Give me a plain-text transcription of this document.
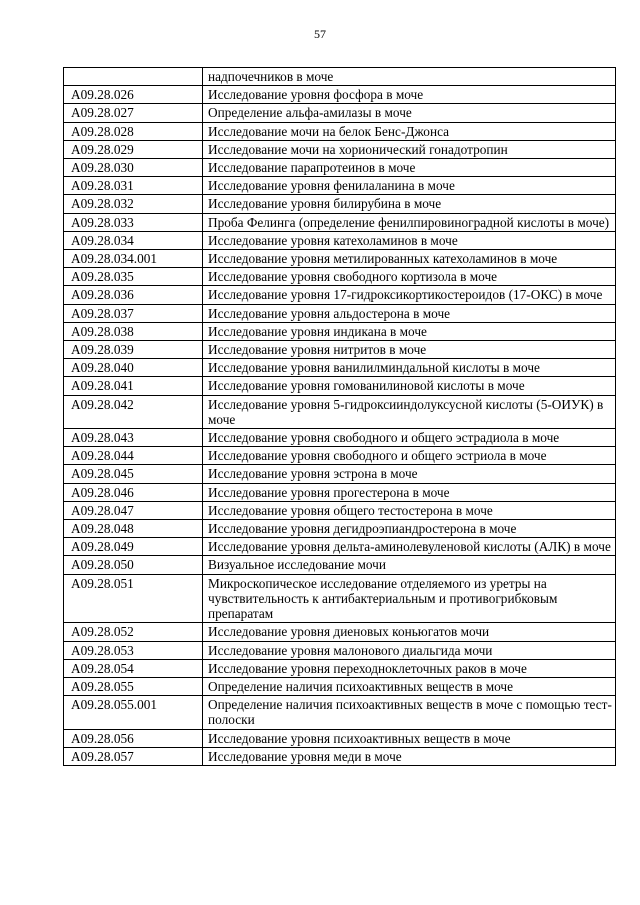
57
	надпочечников в моче
A09.28.026	Исследование уровня фосфора в моче
A09.28.027	Определение альфа-амилазы в моче
A09.28.028	Исследование мочи на белок Бенс-Джонса
A09.28.029	Исследование мочи на хорионический гонадотропин
A09.28.030	Исследование парапротеинов в моче
A09.28.031	Исследование уровня фенилаланина в моче
A09.28.032	Исследование уровня билирубина в моче
A09.28.033	Проба Фелинга (определение фенилпировиноградной кислоты в моче)
A09.28.034	Исследование уровня катехоламинов в моче
A09.28.034.001	Исследование уровня метилированных катехоламинов в моче
A09.28.035	Исследование уровня свободного кортизола в моче
A09.28.036	Исследование уровня 17-гидроксикортикостероидов (17-ОКС) в моче
A09.28.037	Исследование уровня альдостерона в моче
A09.28.038	Исследование уровня индикана в моче
A09.28.039	Исследование уровня нитритов в моче
A09.28.040	Исследование уровня ванилилминдальной кислоты в моче
A09.28.041	Исследование уровня гомованилиновой кислоты в моче
A09.28.042	Исследование уровня 5-гидроксииндолуксусной кислоты (5-ОИУК) в моче
A09.28.043	Исследование уровня свободного и общего эстрадиола в моче
A09.28.044	Исследование уровня свободного и общего эстриола в моче
A09.28.045	Исследование уровня эстрона в моче
A09.28.046	Исследование уровня прогестерона в моче
A09.28.047	Исследование уровня общего тестостерона в моче
A09.28.048	Исследование уровня дегидроэпиандростерона в моче
A09.28.049	Исследование уровня дельта-аминолевуленовой кислоты (АЛК) в моче
A09.28.050	Визуальное исследование мочи
A09.28.051	Микроскопическое исследование отделяемого из уретры на чувствительность к антибактериальным и противогрибковым препаратам
A09.28.052	Исследование уровня диеновых коньюгатов мочи
A09.28.053	Исследование уровня малонового диальгида мочи
A09.28.054	Исследование уровня переходноклеточных раков в моче
A09.28.055	Определение наличия психоактивных веществ в моче
A09.28.055.001	Определение наличия психоактивных веществ в моче с помощью тест-полоски
A09.28.056	Исследование уровня психоактивных веществ в моче
A09.28.057	Исследование уровня меди в моче
